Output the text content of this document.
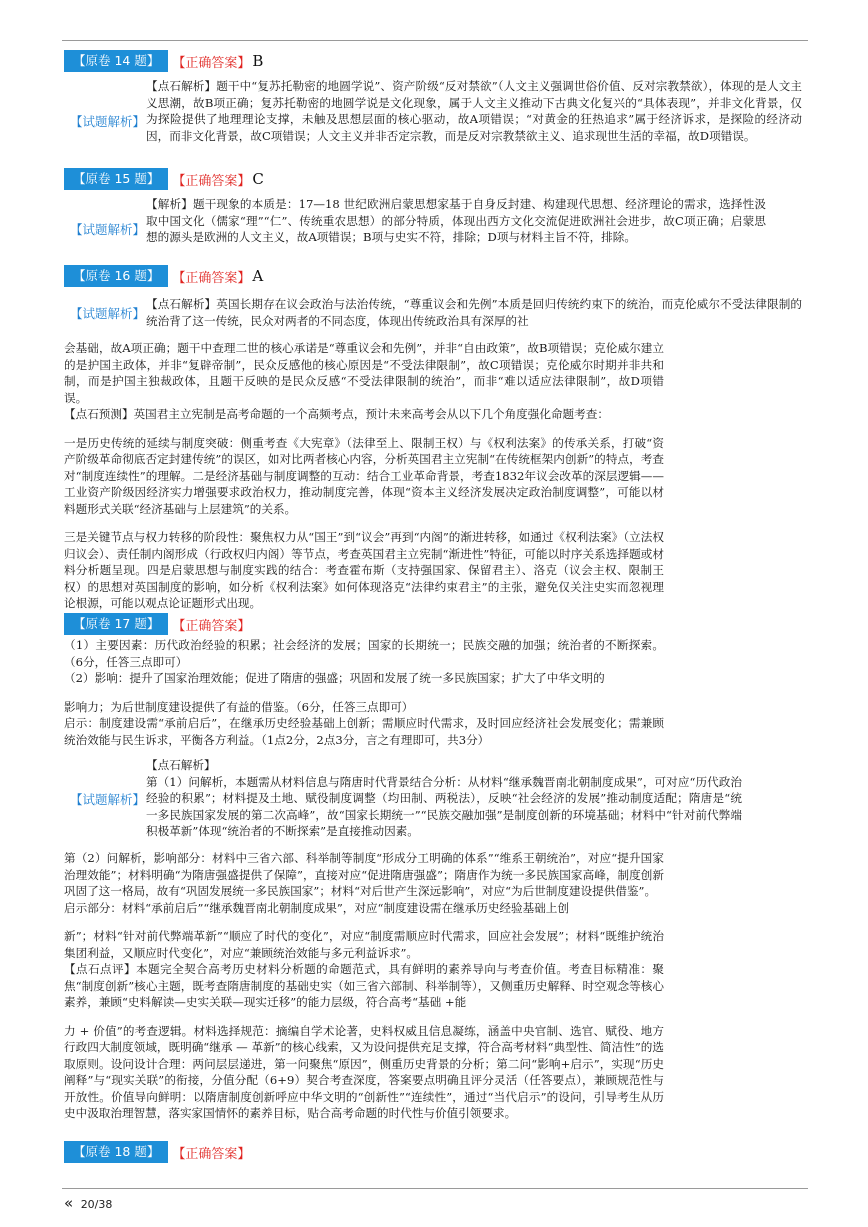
【原卷 14 题】	【正确答案】 B
【试题解析】
【点石解析】题干中“复苏托勒密的地圆学说”、资产阶级“反对禁欲”（人文主义强调世俗价值、反对宗教禁欲），体现的是人文主义思潮，故B项正确；复苏托勒密的地圆学说是文化现象，属于人文主义推动下古典文化复兴的“具体表现”，并非文化背景，仅为探险提供了地理理论支撑，未触及思想层面的核心驱动，故A项错误；“对黄金的狂热追求”属于经济诉求，是探险的经济动因，而非文化背景，故C项错误；人文主义并非否定宗教，而是反对宗教禁欲主义、追求现世生活的幸福，故D项错误。
【原卷 15 题】	【正确答案】 C
【试题解析】
【解析】题干现象的本质是：17—18 世纪欧洲启蒙思想家基于自身反封建、构建现代思想、经济理论的需求，选择性汲取中国文化（儒家“理”“仁”、传统重农思想）的部分特质，体现出西方文化交流促进欧洲社会进步，故C项正确；启蒙思想的源头是欧洲的人文主义，故A项错误；B项与史实不符，排除；D项与材料主旨不符，排除。
【原卷 16 题】	【正确答案】 A
【试题解析】
【点石解析】英国长期存在议会政治与法治传统，“尊重议会和先例”本质是回归传统约束下的统治，而克伦威尔不受法律限制的统治背了这一传统，民众对两者的不同态度，体现出传统政治具有深厚的社
会基础，故A项正确；题干中查理二世的核心承诺是“尊重议会和先例”，并非“自由政策”，故B项错误；克伦威尔建立的是护国主政体，并非“复辟帝制”，民众反感他的核心原因是“不受法律限制”，故C项错误；克伦威尔时期并非共和制，而是护国主独裁政体，且题干反映的是民众反感“不受法律限制的统治”，而非“难以适应法律限制”，故D项错误。
【点石预测】英国君主立宪制是高考命题的一个高频考点，预计未来高考会从以下几个角度强化命题考查：
一是历史传统的延续与制度突破：侧重考查《大宪章》（法律至上、限制王权）与《权利法案》的传承关系，打破“资产阶级革命彻底否定封建传统”的误区，如对比两者核心内容，分析英国君主立宪制“在传统框架内创新”的特点，考查对“制度连续性”的理解。二是经济基础与制度调整的互动：结合工业革命背景，考查1832年议会改革的深层逻辑——工业资产阶级因经济实力增强要求政治权力，推动制度完善，体现“资本主义经济发展决定政治制度调整”，可能以材料题形式关联“经济基础与上层建筑”的关系。
三是关键节点与权力转移的阶段性：聚焦权力从“国王”到“议会”再到“内阁”的渐进转移，如通过《权利法案》（立法权归议会）、责任制内阁形成（行政权归内阁）等节点，考查英国君主立宪制“渐进性”特征，可能以时序关系选择题或材料分析题呈现。四是启蒙思想与制度实践的结合：考查霍布斯（支持强国家、保留君主）、洛克（议会主权、限制王权）的思想对英国制度的影响，如分析《权利法案》如何体现洛克“法律约束君主”的主张，避免仅关注史实而忽视理论根源，可能以观点论证题形式出现。
【原卷 17 题】	【正确答案】
（1）主要因素：历代政治经验的积累；社会经济的发展；国家的长期统一；民族交融的加强；统治者的不断探索。（6分，任答三点即可）
（2）影响：提升了国家治理效能；促进了隋唐的强盛；巩固和发展了统一多民族国家；扩大了中华文明的
影响力；为后世制度建设提供了有益的借鉴。（6分，任答三点即可）
启示：制度建设需“承前启后”，在继承历史经验基础上创新；需顺应时代需求，及时回应经济社会发展变化；需兼顾统治效能与民生诉求，平衡各方利益。（1点2分，2点3分，言之有理即可，共3分）
【试题解析】
【点石解析】
第（1）问解析，本题需从材料信息与隋唐时代背景结合分析：从材料“继承魏晋南北朝制度成果”，可对应“历代政治经验的积累”；材料提及土地、赋役制度调整（均田制、两税法），反映“社会经济的发展”推动制度适配；隋唐是“统一多民族国家发展的第二次高峰”，故“国家长期统一”“民族交融加强”是制度创新的环境基础；材料中“针对前代弊端积极革新”体现“统治者的不断探索”是直接推动因素。
第（2）问解析，影响部分：材料中三省六部、科举制等制度“形成分工明确的体系”“维系王朝统治”，对应“提升国家治理效能”；材料明确“为隋唐强盛提供了保障”，直接对应“促进隋唐强盛”；隋唐作为统一多民族国家高峰，制度创新巩固了这一格局，故有“巩固发展统一多民族国家”；材料“对后世产生深远影响”，对应“为后世制度建设提供借鉴”。
启示部分：材料“承前启后”“继承魏晋南北朝制度成果”，对应“制度建设需在继承历史经验基础上创
新”；材料“针对前代弊端革新”“顺应了时代的变化”，对应“制度需顺应时代需求，回应社会发展”；材料“既维护统治集团利益，又顺应时代变化”，对应“兼顾统治效能与多元利益诉求”。
【点石点评】本题完全契合高考历史材料分析题的命题范式，具有鲜明的素养导向与考查价值。考查目标精准：聚焦“制度创新”核心主题，既考查隋唐制度的基础史实（如三省六部制、科举制等），又侧重历史解释、时空观念等核心素养，兼顾“史料解读—史实关联—现实迁移”的能力层级，符合高考“基础 +能
力 + 价值”的考查逻辑。材料选择规范：摘编自学术论著，史料权威且信息凝练，涵盖中央官制、选官、赋役、地方行政四大制度领域，既明确“继承 — 革新”的核心线索，又为设问提供充足支撑，符合高考材料“典型性、简洁性”的选取原则。设问设计合理：两问层层递进，第一问聚焦“原因”，侧重历史背景的分析；第二问“影响+启示”，实现“历史阐释”与“现实关联”的衔接，分值分配（6+9）契合考查深度，答案要点明确且评分灵活（任答要点），兼顾规范性与开放性。价值导向鲜明：以隋唐制度创新呼应中华文明的“创新性”“连续性”，通过“当代启示”的设问，引导考生从历史中汲取治理智慧，落实家国情怀的素养目标，贴合高考命题的时代性与价值引领要求。
【原卷 18 题】	【正确答案】
« 20/38
